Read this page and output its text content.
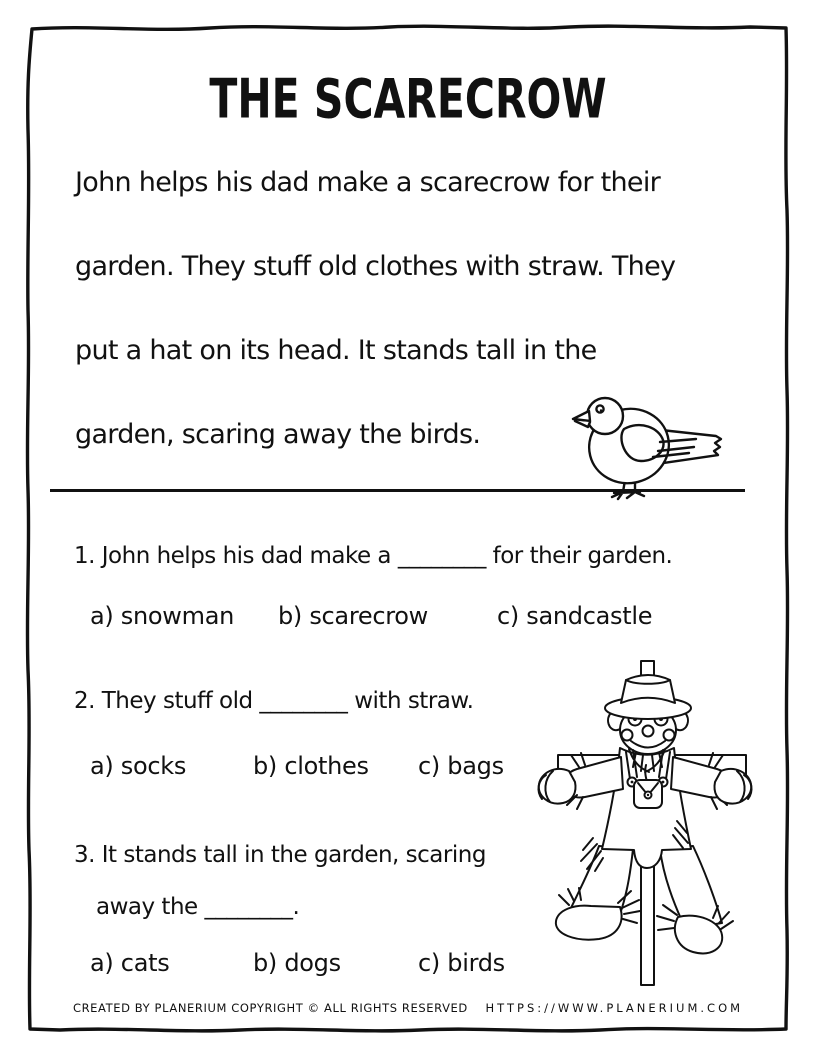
THE SCARECROW
John helps his dad make a scarecrow for their
garden. They stuff old clothes with straw. They
put a hat on its head. It stands tall in the
garden, scaring away the birds.
1. John helps his dad make a ________ for their garden.
a) snowman b) scarecrow	c) sandcastle
2. They stuff old ________ with straw.
a) socks	b) clothes c) bags
3. It stands tall in the garden, scaring
away the ________.
a) cats	b) dogs	c) birds
CREATED BY PLANERIUM COPYRIGHT © ALL RIGHTS RESERVED HTTPS://WWW.PLANERIUM.COM
